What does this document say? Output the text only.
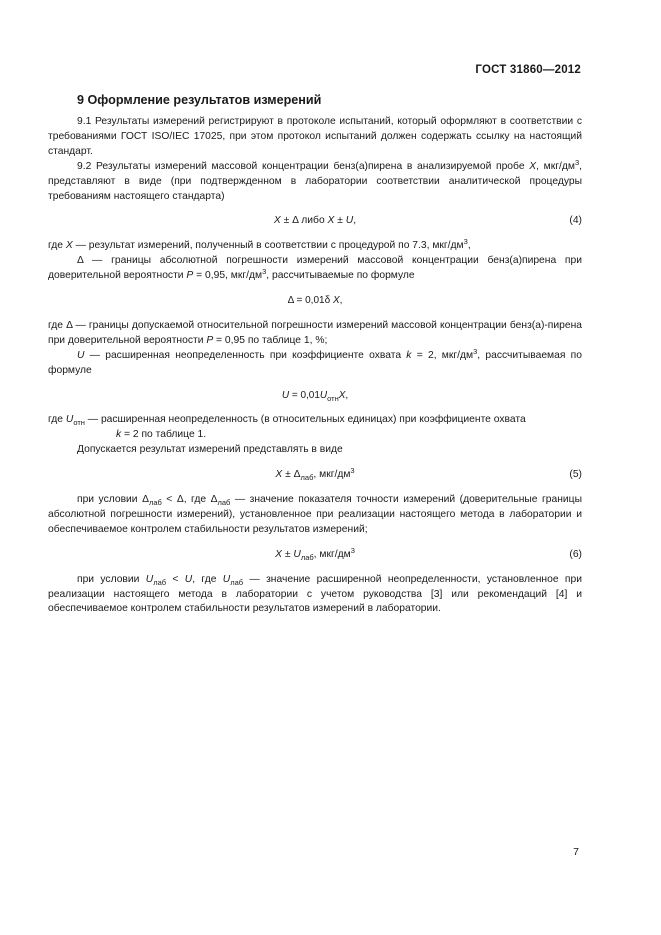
ГОСТ 31860—2012
9 Оформление результатов измерений

9.1 Результаты измерений регистрируют в протоколе испытаний, который оформляют в соответствии с требованиями ГОСТ ISO/IEC 17025, при этом протокол испытаний должен содержать ссылку на настоящий стандарт.

9.2 Результаты измерений массовой концентрации бенз(а)пирена в анализируемой пробе X, мкг/$дм^3$, представляют в виде (при подтвержденном в лаборатории соответствии аналитической процедуры требованиям настоящего стандарта)

X ± Δ либо X ± U,	(4)

где X — результат измерений, полученный в соответствии с процедурой по 7.3, мкг/$дм^3$,

Δ — границы абсолютной погрешности измерений массовой концентрации бенз(а)пирена при доверительной вероятности P = 0,95, мкг/$дм^3$, рассчитываемые по формуле

Δ = 0,01δ X,

где Δ — границы допускаемой относительной погрешности измерений массовой концентрации бенз(а)-пирена при доверительной вероятности P = 0,95 по таблице 1, %;

U — расширенная неопределенность при коэффициенте охвата k = 2, мкг/$дм^3$, рассчитываемая по формуле

$U = 0,01U_{отн}X$,

где $U_{отн}$ — расширенная неопределенность (в относительных единицах) при коэффициенте охвата
k = 2 по таблице 1.

Допускается результат измерений представлять в виде

$X \pm \Delta_{лаб}$, мкг/$дм^3$	(5)

при условии $\Delta_{лаб} < \Delta$, где $\Delta_{лаб}$ — значение показателя точности измерений (доверительные границы абсолютной погрешности измерений), установленное при реализации настоящего метода в лаборатории и обеспечиваемое контролем стабильности результатов измерений;

$X \pm U_{лаб}$, мкг/$дм^3$	(6)

при условии $U_{лаб} < U$, где $U_{лаб}$ — значение расширенной неопределенности, установленное при реализации настоящего метода в лаборатории с учетом руководства [3] или рекомендаций [4] и обеспечиваемое контролем стабильности результатов измерений в лаборатории.

7
